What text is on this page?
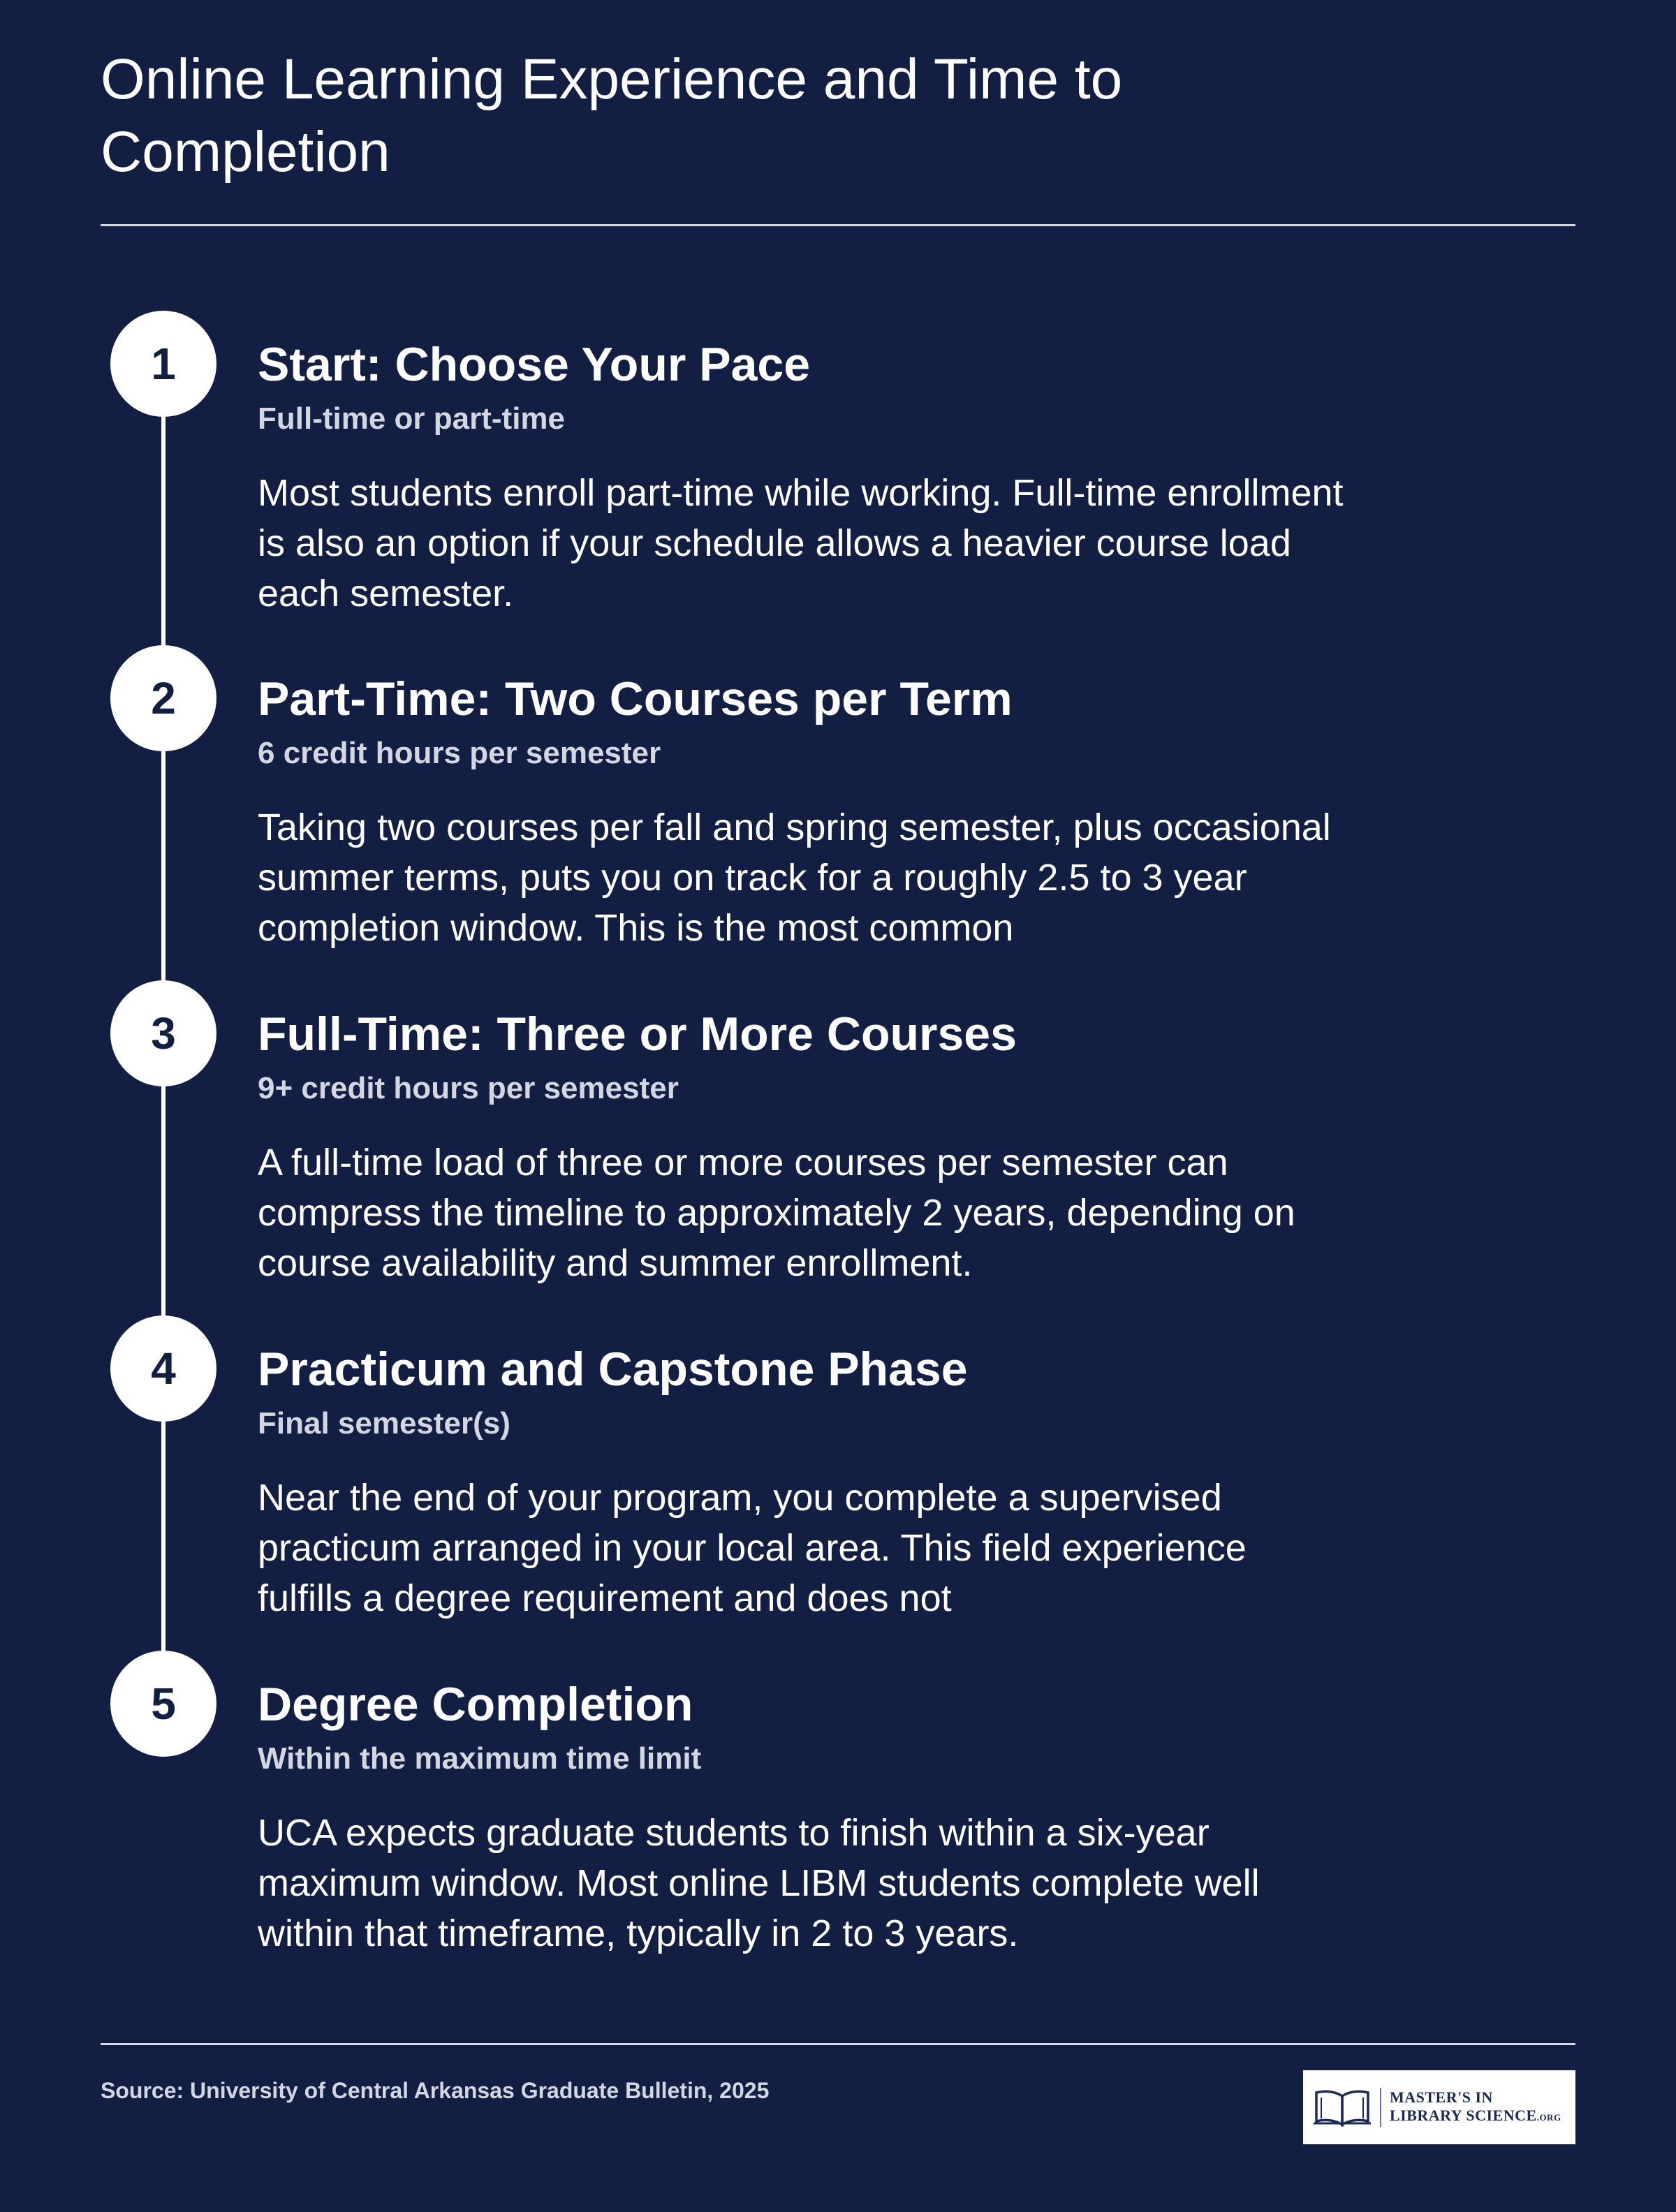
Online Learning Experience and Time to Completion
1	Start: Choose Your Pace
Full-time or part-time
Most students enroll part-time while working. Full-time enrollment is also an option if your schedule allows a heavier course load each semester.
2	Part-Time: Two Courses per Term
6 credit hours per semester
Taking two courses per fall and spring semester, plus occasional summer terms, puts you on track for a roughly 2.5 to 3 year completion window. This is the most common
3	Full-Time: Three or More Courses
9+ credit hours per semester
A full-time load of three or more courses per semester can compress the timeline to approximately 2 years, depending on course availability and summer enrollment.
4	Practicum and Capstone Phase
Final semester(s)
Near the end of your program, you complete a supervised practicum arranged in your local area. This field experience fulfills a degree requirement and does not
5	Degree Completion
Within the maximum time limit
UCA expects graduate students to finish within a six-year maximum window. Most online LIBM students complete well within that timeframe, typically in 2 to 3 years.
Source: University of Central Arkansas Graduate Bulletin, 2025	MASTER'S IN
LIBRARY SCIENCE.ORG
